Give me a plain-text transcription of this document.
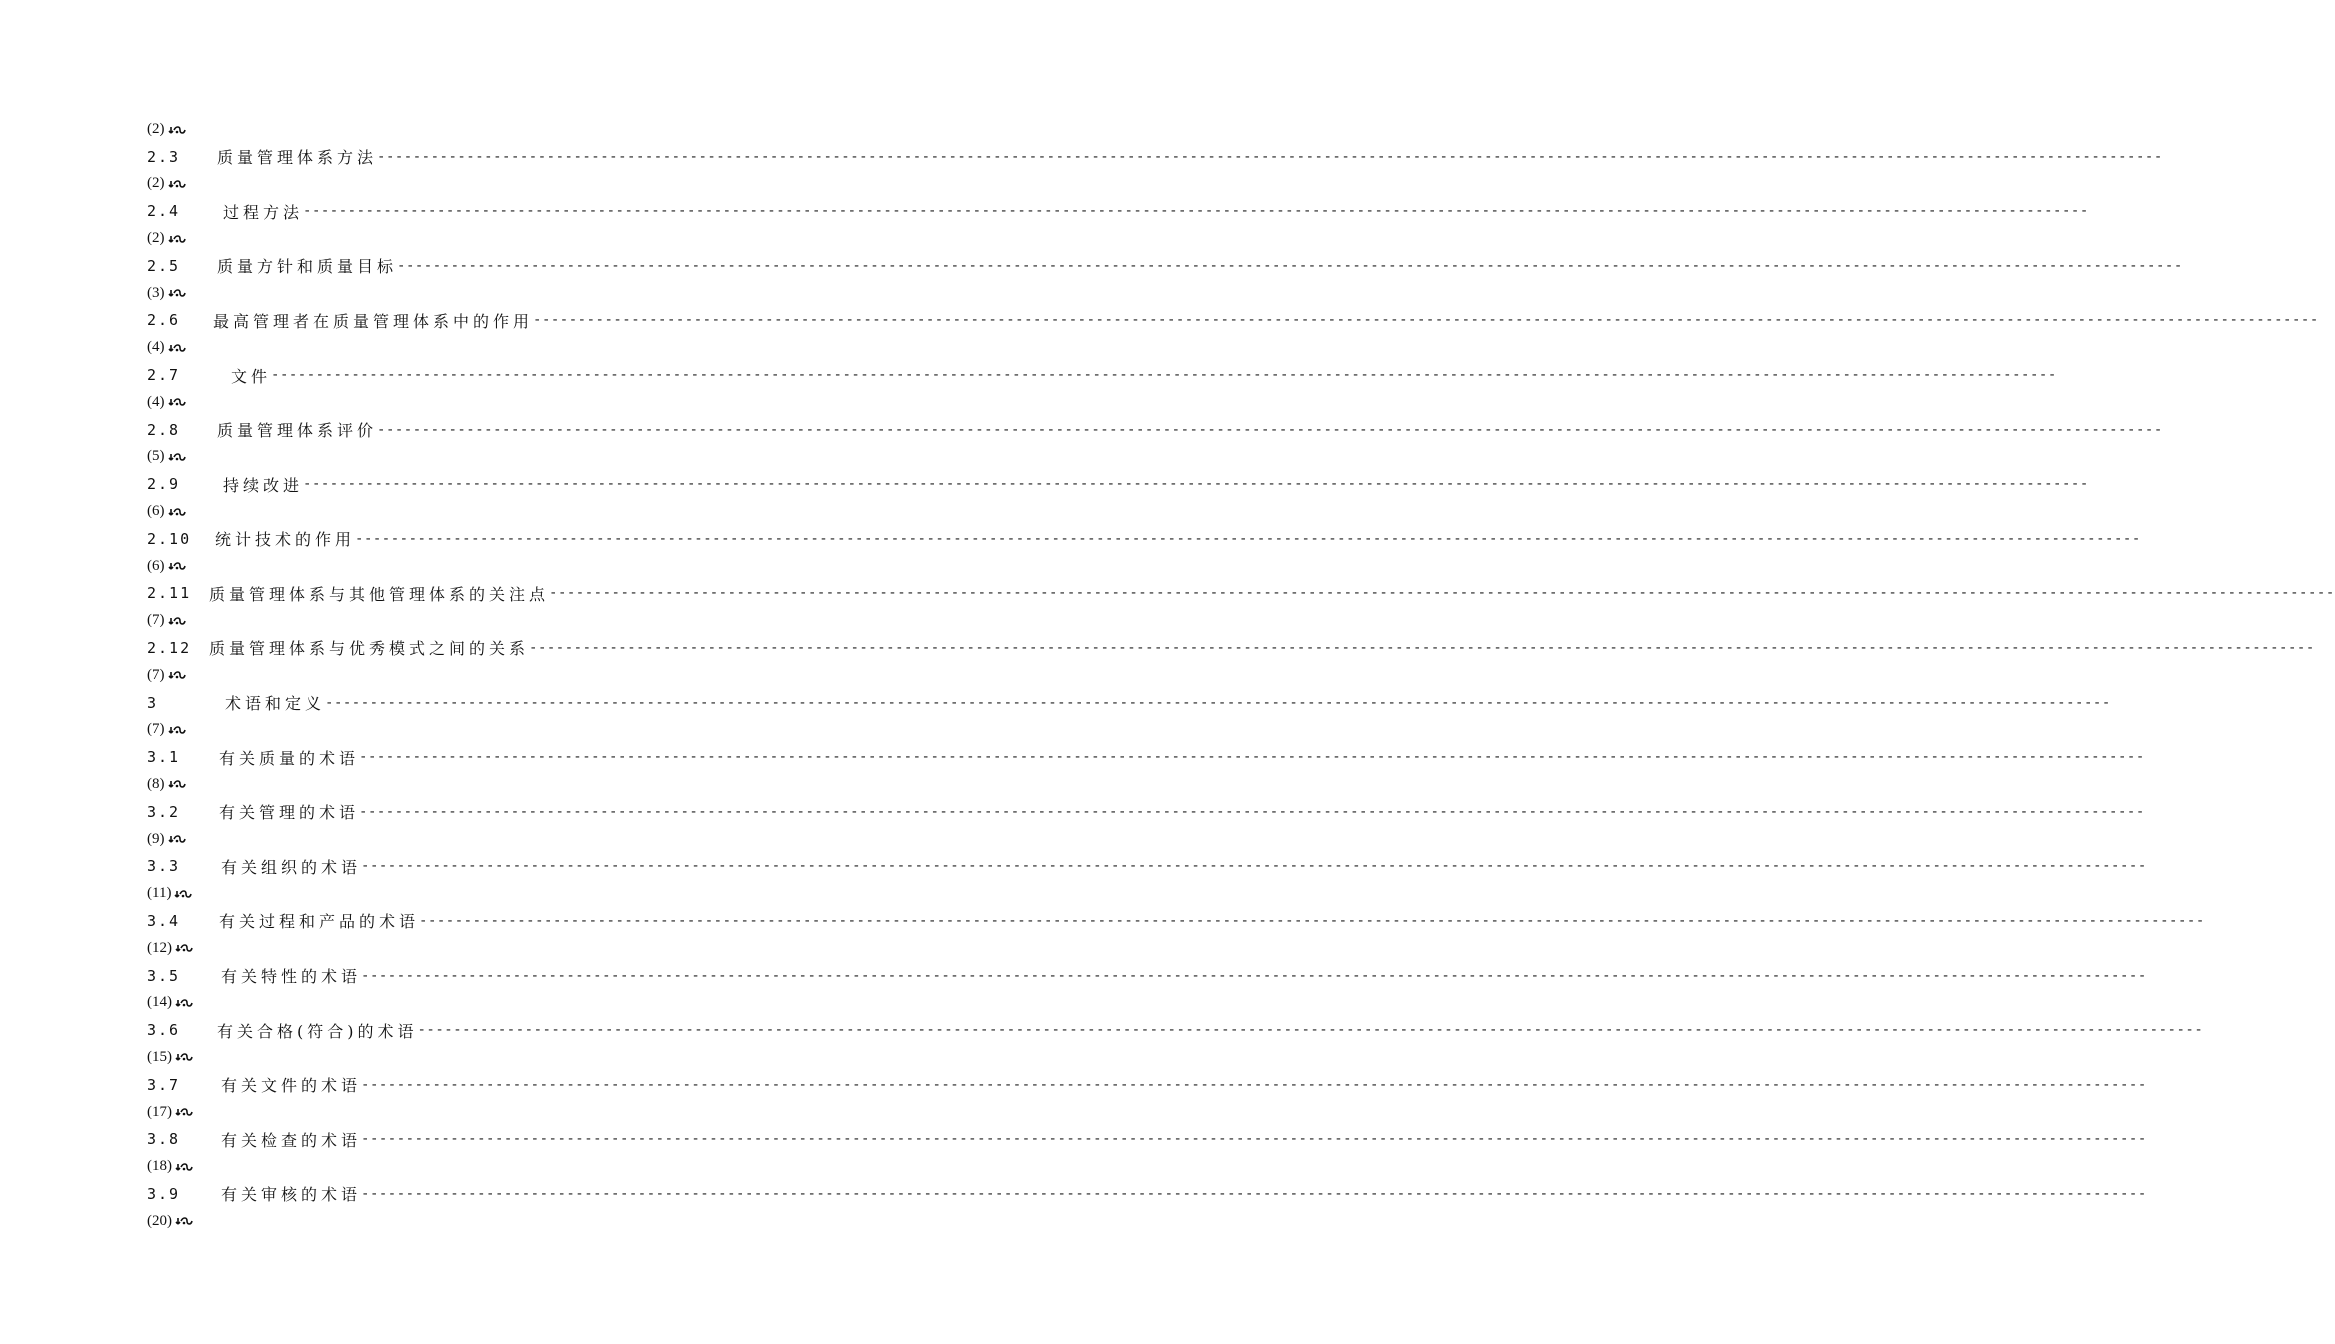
(2)
2.3	质量管理体系方法 --------------------------------------------------------------------------------------------------------------------------------------------------------------------------------------------------------
(2)
2.4	过程方法 --------------------------------------------------------------------------------------------------------------------------------------------------------------------------------------------------------
(2)
2.5	质量方针和质量目标 --------------------------------------------------------------------------------------------------------------------------------------------------------------------------------------------------------
(3)
2.6	最高管理者在质量管理体系中的作用 --------------------------------------------------------------------------------------------------------------------------------------------------------------------------------------------------------
(4)
2.7	文件 --------------------------------------------------------------------------------------------------------------------------------------------------------------------------------------------------------
(4)
2.8	质量管理体系评价 --------------------------------------------------------------------------------------------------------------------------------------------------------------------------------------------------------
(5)
2.9	持续改进 --------------------------------------------------------------------------------------------------------------------------------------------------------------------------------------------------------
(6)
2.10	统计技术的作用 --------------------------------------------------------------------------------------------------------------------------------------------------------------------------------------------------------
(6)
2.11	质量管理体系与其他管理体系的关注点 --------------------------------------------------------------------------------------------------------------------------------------------------------------------------------------------------------
(7)
2.12	质量管理体系与优秀模式之间的关系 --------------------------------------------------------------------------------------------------------------------------------------------------------------------------------------------------------
(7)
3	术语和定义 --------------------------------------------------------------------------------------------------------------------------------------------------------------------------------------------------------
(7)
3.1	有关质量的术语 --------------------------------------------------------------------------------------------------------------------------------------------------------------------------------------------------------
(8)
3.2	有关管理的术语 --------------------------------------------------------------------------------------------------------------------------------------------------------------------------------------------------------
(9)
3.3	有关组织的术语 --------------------------------------------------------------------------------------------------------------------------------------------------------------------------------------------------------
(11)
3.4	有关过程和产品的术语 --------------------------------------------------------------------------------------------------------------------------------------------------------------------------------------------------------
(12)
3.5	有关特性的术语 --------------------------------------------------------------------------------------------------------------------------------------------------------------------------------------------------------
(14)
3.6	有关合格(符合)的术语 --------------------------------------------------------------------------------------------------------------------------------------------------------------------------------------------------------
(15)
3.7	有关文件的术语 --------------------------------------------------------------------------------------------------------------------------------------------------------------------------------------------------------
(17)
3.8	有关检查的术语 --------------------------------------------------------------------------------------------------------------------------------------------------------------------------------------------------------
(18)
3.9	有关审核的术语 --------------------------------------------------------------------------------------------------------------------------------------------------------------------------------------------------------
(20)
